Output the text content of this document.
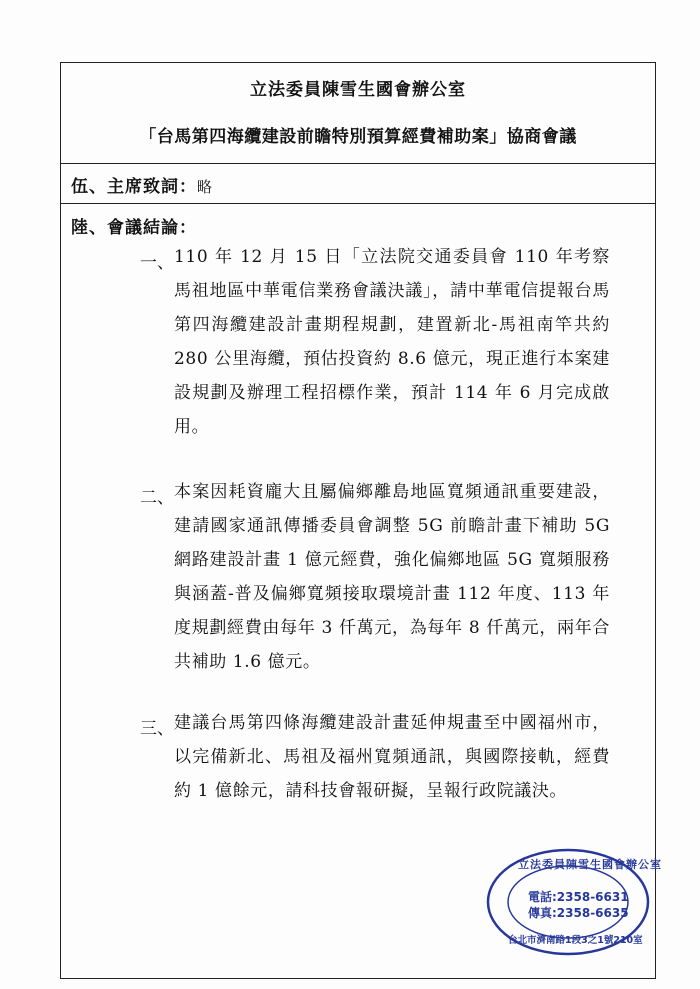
立法委員陳雪生國會辦公室
「台馬第四海纜建設前瞻特別預算經費補助案」協商會議
伍、主席致詞：略
陸、會議結論：
一、 110 年 12 月 15 日「立法院交通委員會 110 年考察馬祖地區中華電信業務會議決議」，請中華電信提報台馬第四海纜建設計畫期程規劃，建置新北-馬祖南竿共約 280 公里海纜，預估投資約 8.6 億元，現正進行本案建設規劃及辦理工程招標作業，預計 114 年 6 月完成啟用。
二、 本案因耗資龐大且屬偏鄉離島地區寬頻通訊重要建設，建請國家通訊傳播委員會調整 5G 前瞻計畫下補助 5G 網路建設計畫 1 億元經費，強化偏鄉地區 5G 寬頻服務與涵蓋-普及偏鄉寬頻接取環境計畫 112 年度、113 年度規劃經費由每年 3 仟萬元，為每年 8 仟萬元，兩年合共補助 1.6 億元。
三、 建議台馬第四條海纜建設計畫延伸規畫至中國福州市，以完備新北、馬祖及福州寬頻通訊，與國際接軌，經費約 1 億餘元，請科技會報研擬，呈報行政院議決。
立法委員陳雪生國會辦公室
電話:2358-6631
傳真:2358-6635
台北市濟南路1段3之1號210室
